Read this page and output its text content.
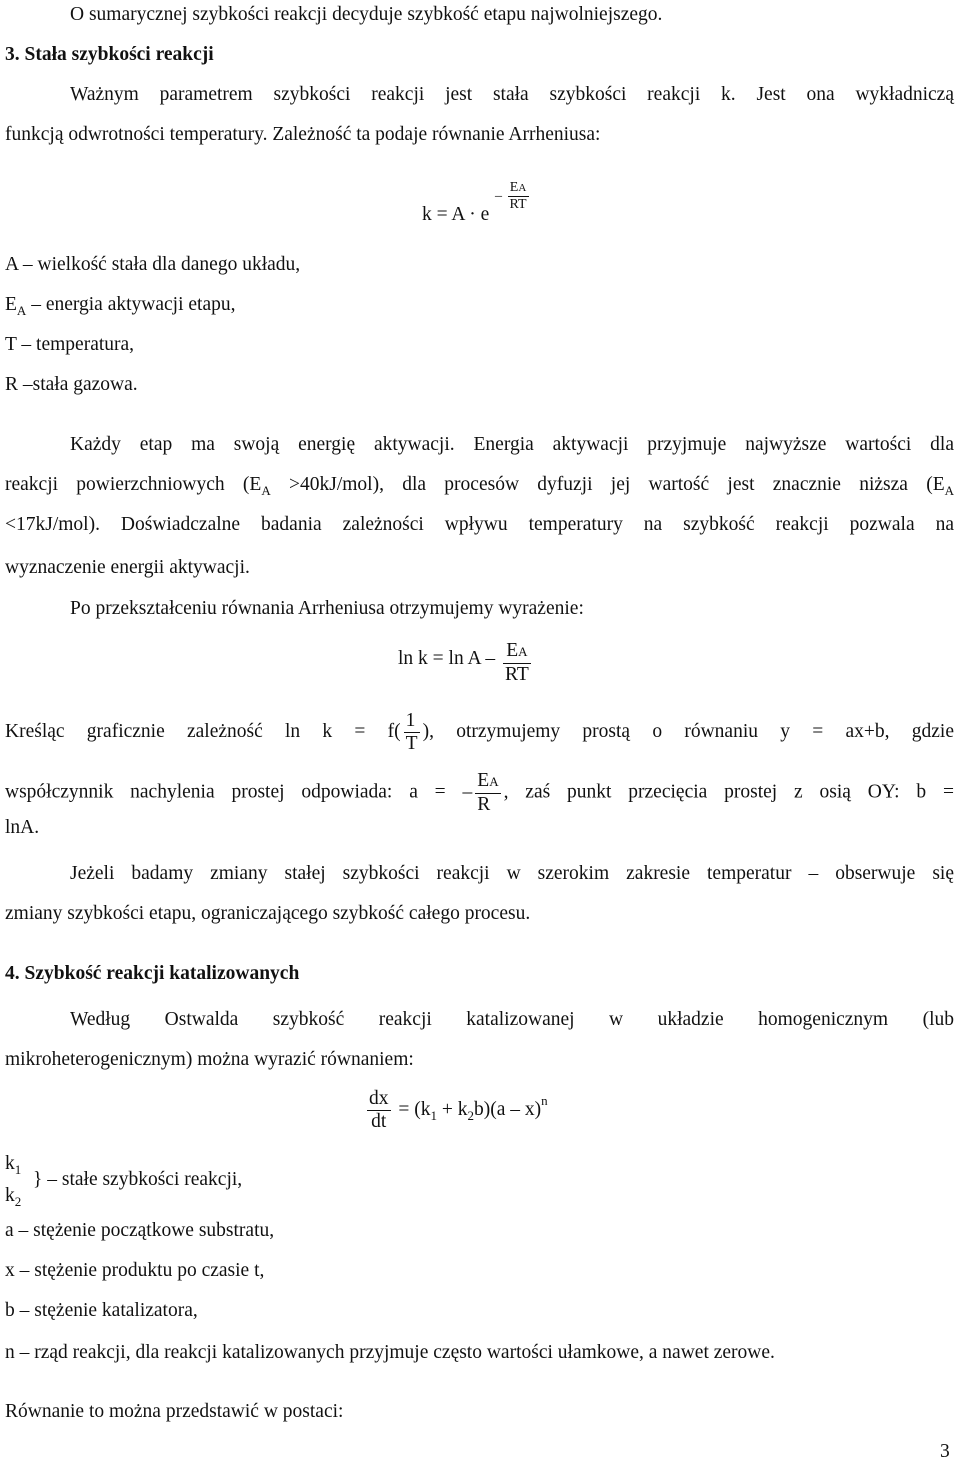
O sumarycznej szybkości reakcji decyduje szybkość etapu najwolniejszego.
3. Stała szybkości reakcji
Ważnym parametrem szybkości reakcji jest stała szybkości reakcji k. Jest ona wykładniczą
funkcją odwrotności temperatury. Zależność ta podaje równanie Arrheniusa:
k = A · e
– $\frac{EA}{RT}$
A – wielkość stała dla danego układu,
$E_A$ – energia aktywacji etapu,
T – temperatura,
R –stała gazowa.
Każdy etap ma swoją energię aktywacji. Energia aktywacji przyjmuje najwyższe wartości dla
reakcji powierzchniowych $(E_A >40kJ/mol)$, dla procesów dyfuzji jej wartość jest znacznie niższa ($E_A$
<17kJ/mol). Doświadczalne badania zależności wpływu temperatury na szybkość reakcji pozwala na
wyznaczenie energii aktywacji.
Po przekształceniu równania Arrheniusa otrzymujemy wyrażenie:
$\ln k = \ln A - \frac{EA}{RT}$
Kreśląc graficznie zależność $\ln k = f( \frac{1}{T}$ ), otrzymujemy prostą o równaniu y = ax+b, gdzie
współczynnik nachylenia prostej odpowiada: a = – $\frac{EA}{R}$ , zaś punkt przecięcia prostej z osią OY: b =
lnA.
Jeżeli badamy zmiany stałej szybkości reakcji w szerokim zakresie temperatur – obserwuje się
zmiany szybkości etapu, ograniczającego szybkość całego procesu.
4. Szybkość reakcji katalizowanych
Według Ostwalda szybkość reakcji katalizowanej w układzie homogenicznym (lub
mikroheterogenicznym) można wyrazić równaniem:
$\frac{dx}{dt} = (k_1 + k_2b)(a - x)^n$
$k_1$ } – stałe szybkości reakcji,
$k_2$
a – stężenie początkowe substratu,
x – stężenie produktu po czasie t,
b – stężenie katalizatora,
n – rząd reakcji, dla reakcji katalizowanych przyjmuje często wartości ułamkowe, a nawet zerowe.
Równanie to można przedstawić w postaci:
3
